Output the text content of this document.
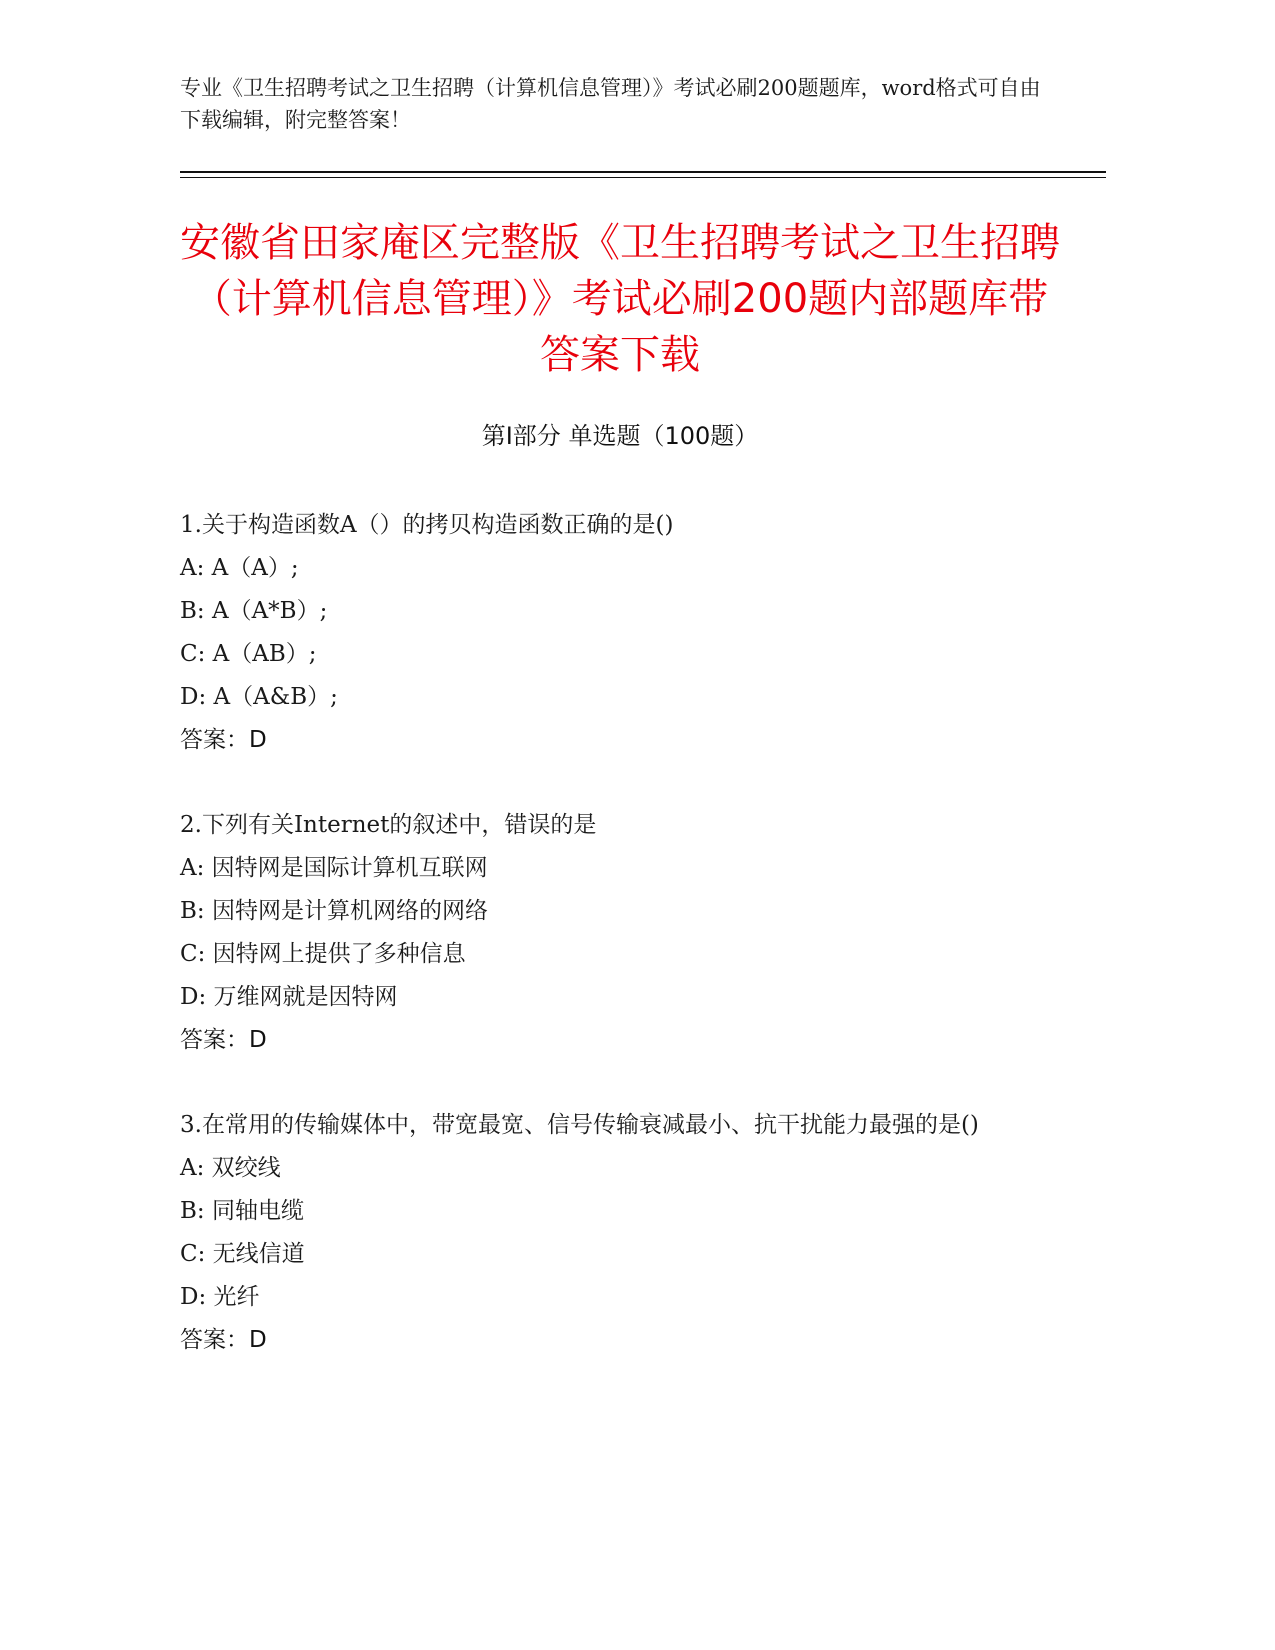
专业《卫生招聘考试之卫生招聘（计算机信息管理）》考试必刷200题题库，word格式可自由下载编辑，附完整答案！

安徽省田家庵区完整版《卫生招聘考试之卫生招聘（计算机信息管理）》考试必刷200题内部题库带答案下载
第I部分 单选题（100题）

1.关于构造函数A（）的拷贝构造函数正确的是()

A: A（A）;

B: A（A*B）;

C: A（AB）;

D: A（A&B）;

答案：D

2.下列有关Internet的叙述中，错误的是

A: 因特网是国际计算机互联网

B: 因特网是计算机网络的网络

C: 因特网上提供了多种信息

D: 万维网就是因特网

答案：D

3.在常用的传输媒体中，带宽最宽、信号传输衰减最小、抗干扰能力最强的是()

A: 双绞线

B: 同轴电缆

C: 无线信道

D: 光纤

答案：D
